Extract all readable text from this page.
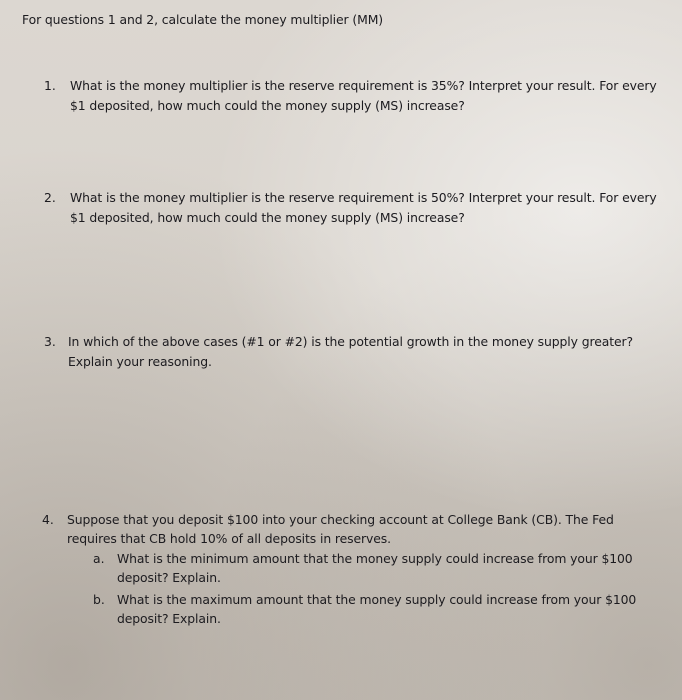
For questions 1 and 2, calculate the money multiplier (MM)
1. What is the money multiplier is the reserve requirement is 35%? Interpret your result. For every
$1 deposited, how much could the money supply (MS) increase?
2. What is the money multiplier is the reserve requirement is 50%? Interpret your result. For every
$1 deposited, how much could the money supply (MS) increase?
3. In which of the above cases (#1 or #2) is the potential growth in the money supply greater?
Explain your reasoning.
4. Suppose that you deposit $100 into your checking account at College Bank (CB). The Fed
requires that CB hold 10% of all deposits in reserves.
a. What is the minimum amount that the money supply could increase from your $100
deposit? Explain.
b. What is the maximum amount that the money supply could increase from your $100
deposit? Explain.
